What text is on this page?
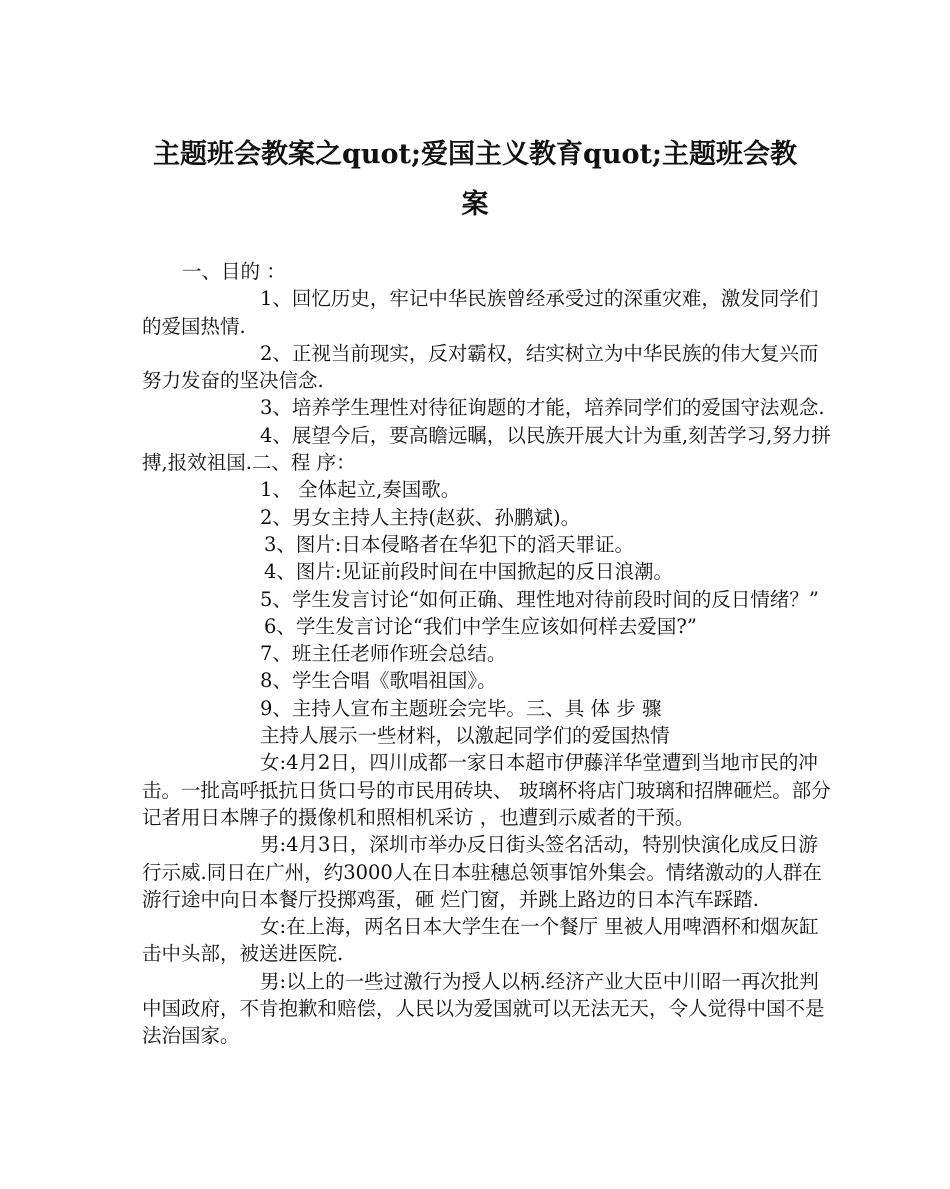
主题班会教案之quot;爱国主义教育quot;主题班会教案

一、目的 ：

1、回忆历史，牢记中华民族曾经承受过的深重灾难，激发同学们的爱国热情.

2、正视当前现实，反对霸权，结实树立为中华民族的伟大复兴而努力发奋的坚决信念.

3、培养学生理性对待征询题的才能，培养同学们的爱国守法观念.

4、展望今后，要高瞻远瞩，以民族开展大计为重,刻苦学习,努力拼搏,报效祖国.二、程 序：

1、 全体起立,奏国歌。

2、男女主持人主持(赵荻、孙鹏斌)。

3、图片:日本侵略者在华犯下的滔天罪证。

4、图片:见证前段时间在中国掀起的反日浪潮。

5、学生发言讨论“如何正确、理性地对待前段时间的反日情绪？”

6、学生发言讨论“我们中学生应该如何样去爱国?”

7、班主任老师作班会总结。

8、学生合唱《歌唱祖国》。

9、主持人宣布主题班会完毕。三、具 体 步 骤

主持人展示一些材料，以激起同学们的爱国热情

女:4月2日，四川成都一家日本超市伊藤洋华堂遭到当地市民的冲击。一批高呼抵抗日货口号的市民用砖块、 玻璃杯将店门玻璃和招牌砸烂。部分记者用日本牌子的摄像机和照相机采访 ，也遭到示威者的干预。

男:4月3日，深圳市举办反日街头签名活动，特别快演化成反日游行示威.同日在广州，约3000人在日本驻穗总领事馆外集会。情绪激动的人群在游行途中向日本餐厅投掷鸡蛋，砸 烂门窗，并跳上路边的日本汽车踩踏.

女:在上海，两名日本大学生在一个餐厅 里被人用啤酒杯和烟灰缸击中头部，被送进医院.

男:以上的一些过激行为授人以柄.经济产业大臣中川昭一再次批判中国政府，不肯抱歉和赔偿，人民以为爱国就可以无法无天，令人觉得中国不是法治国家。
